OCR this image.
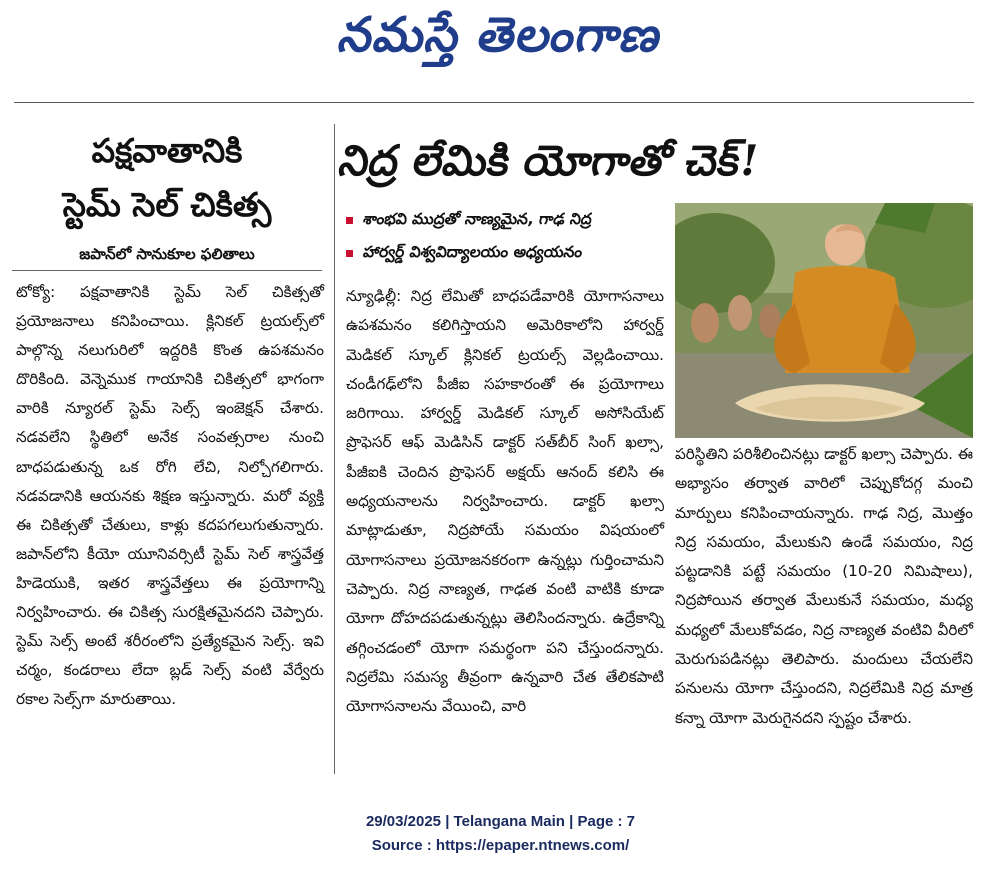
నమస్తే తెలంగాణ
పక్షవాతానికి
స్టెమ్ సెల్ చికిత్స
జపాన్‌లో సానుకూల ఫలితాలు

టోక్యో: పక్షవాతానికి స్టెమ్ సెల్ చికిత్సతో ప్రయోజనాలు కనిపించాయి. క్లినికల్ ట్రయల్స్‌లో పాల్గొన్న నలుగురిలో ఇద్దరికి కొంత ఉపశమనం దొరికింది. వెన్నెముక గాయానికి చికిత్సలో భాగంగా వారికి న్యూరల్ స్టెమ్ సెల్స్ ఇంజెక్షన్ చేశారు. నడవలేని స్థితిలో అనేక సంవత్సరాల నుంచి బాధపడుతున్న ఒక రోగి లేచి, నిల్చోగలిగారు. నడవడానికి ఆయనకు శిక్షణ ఇస్తున్నారు. మరో వ్యక్తి ఈ చికిత్సతో చేతులు, కాళ్లు కదపగలుగుతున్నారు. జపాన్‌లోని కీయో యూనివర్సిటీ స్టెమ్ సెల్ శాస్త్రవేత్త హిడెయుకి, ఇతర శాస్త్రవేత్తలు ఈ ప్రయోగాన్ని నిర్వహించారు. ఈ చికిత్స సురక్షితమైనదని చెప్పారు. స్టెమ్ సెల్స్ అంటే శరీరంలోని ప్రత్యేకమైన సెల్స్. ఇవి చర్మం, కండరాలు లేదా బ్లడ్ సెల్స్ వంటి వేర్వేరు రకాల సెల్స్‌గా మారుతాయి.

నిద్ర లేమికి యోగాతో చెక్!
శాంభవి ముద్రతో నాణ్యమైన, గాఢ నిద్ర
హార్వర్డ్ విశ్వవిద్యాలయం అధ్యయనం

న్యూఢిల్లీ: నిద్ర లేమితో బాధపడేవారికి యోగాసనాలు ఉపశమనం కలిగిస్తాయని అమెరికాలోని హార్వర్డ్ మెడికల్ స్కూల్ క్లినికల్ ట్రయల్స్ వెల్లడించాయి. చండీగఢ్‌లోని పీజీఐ సహకారంతో ఈ ప్రయోగాలు జరిగాయి. హార్వర్డ్ మెడికల్ స్కూల్ అసోసియేట్ ప్రొఫెసర్ ఆఫ్ మెడిసిన్ డాక్టర్ సత్‌బీర్ సింగ్ ఖల్సా, పీజీఐకి చెందిన ప్రొఫెసర్ అక్షయ్ ఆనంద్ కలిసి ఈ అధ్యయనాలను నిర్వహించారు. డాక్టర్ ఖల్సా మాట్లాడుతూ, నిద్రపోయే సమయం విషయంలో యోగాసనాలు ప్రయోజనకరంగా ఉన్నట్లు గుర్తించామని చెప్పారు. నిద్ర నాణ్యత, గాఢత వంటి వాటికి కూడా యోగా దోహదపడుతున్నట్లు తెలిసిందన్నారు. ఉద్రేకాన్ని తగ్గించడంలో యోగా సమర్థంగా పని చేస్తుందన్నారు. నిద్రలేమి సమస్య తీవ్రంగా ఉన్నవారి చేత తేలికపాటి యోగాసనాలను వేయించి, వారి

పరిస్థితిని పరిశీలించినట్లు డాక్టర్ ఖల్సా చెప్పారు. ఈ అభ్యాసం తర్వాత వారిలో చెప్పుకోదగ్గ మంచి మార్పులు కనిపించాయన్నారు. గాఢ నిద్ర, మొత్తం నిద్ర సమయం, మేలుకుని ఉండే సమయం, నిద్ర పట్టడానికి పట్టే సమయం (10-20 నిమిషాలు), నిద్రపోయిన తర్వాత మేలుకునే సమయం, మధ్య మధ్యలో మేలుకోవడం, నిద్ర నాణ్యత వంటివి వీరిలో మెరుగుపడినట్లు తెలిపారు. మందులు చేయలేని పనులను యోగా చేస్తుందని, నిద్రలేమికి నిద్ర మాత్ర కన్నా యోగా మెరుగైనదని స్పష్టం చేశారు.

29/03/2025 | Telangana Main | Page : 7
Source : https://epaper.ntnews.com/
